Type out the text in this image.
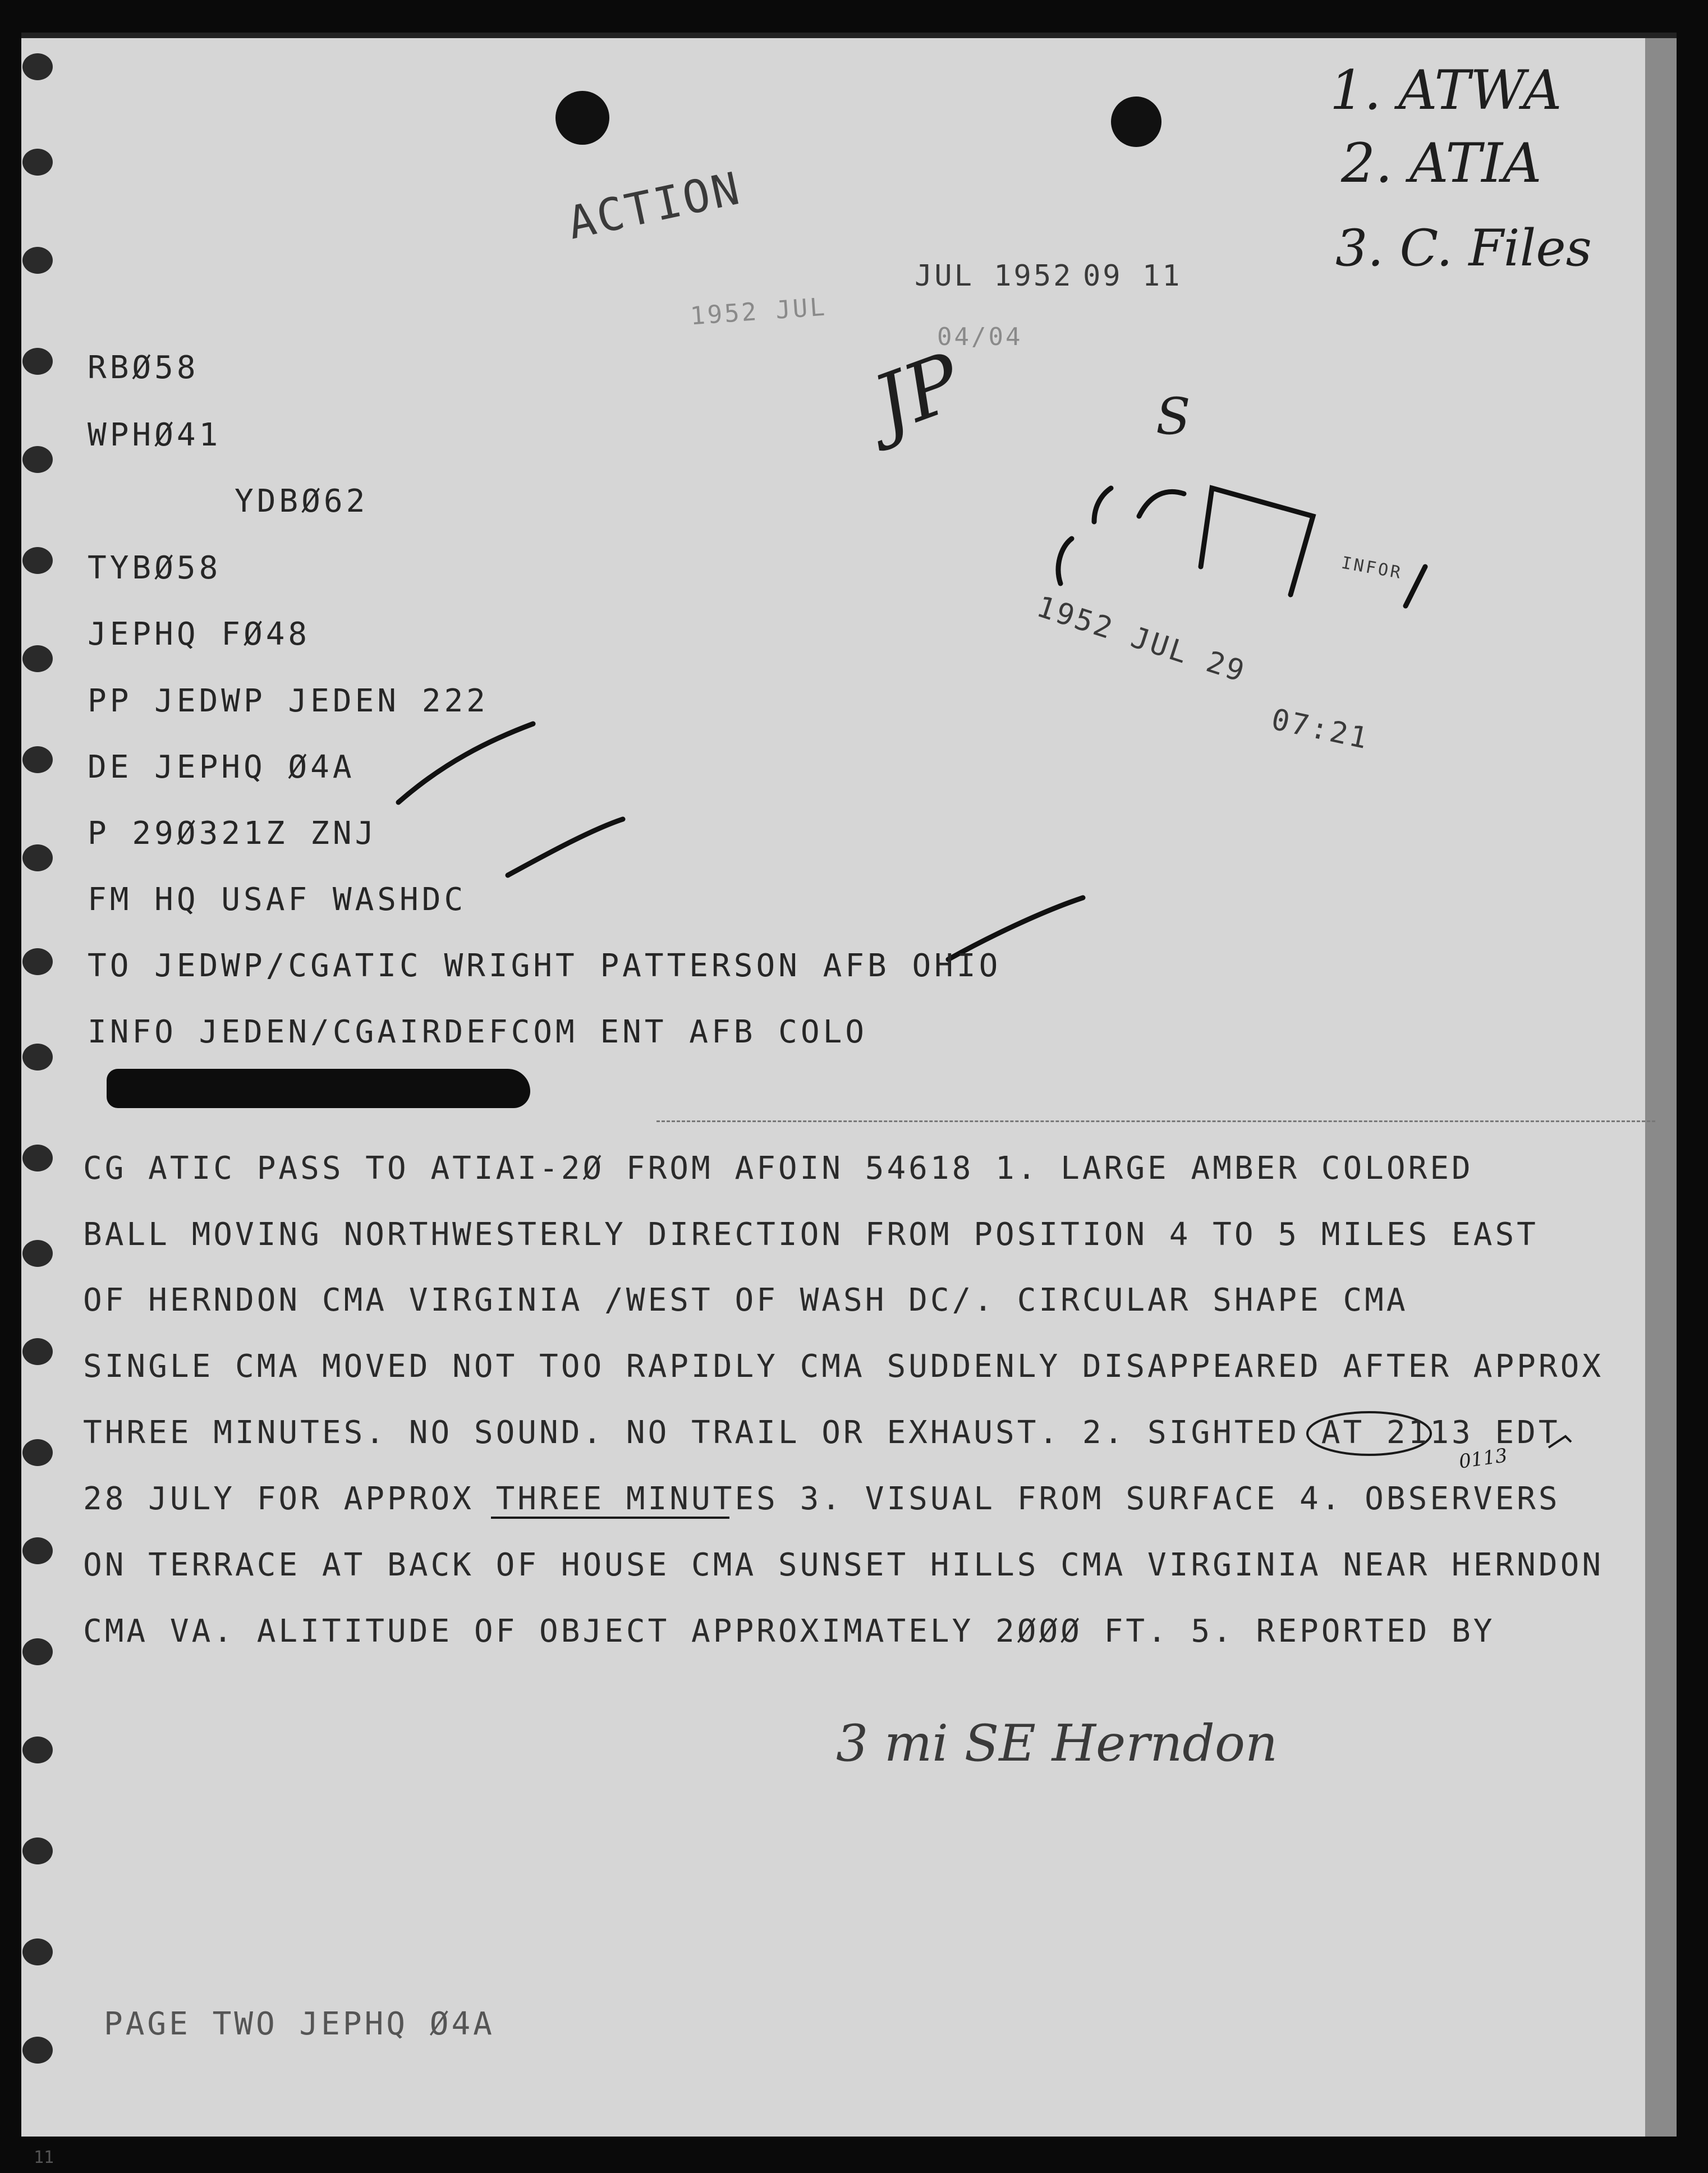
ACTION
JUL 1952 09 11
1952 JUL
04/04
1952 JUL 29
07:21
INFOR
1. ATWA
2. ATIA
3. C. Files
JP	S
0113
3 mi SE Herndon
RBØ58
WPHØ41
YDBØ62
TYBØ58
JEPHQ FØ48
PP JEDWP JEDEN 222
DE JEPHQ Ø4A
P 29Ø321Z ZNJ
FM HQ USAF WASHDC
TO JEDWP/CGATIC WRIGHT PATTERSON AFB OHIO
INFO JEDEN/CGAIRDEFCOM ENT AFB COLO
CG ATIC PASS TO ATIAI-2Ø FROM AFOIN 54618 1. LARGE AMBER COLORED
BALL MOVING NORTHWESTERLY DIRECTION FROM POSITION 4 TO 5 MILES EAST
OF HERNDON CMA VIRGINIA /WEST OF WASH DC/. CIRCULAR SHAPE CMA
SINGLE CMA MOVED NOT TOO RAPIDLY CMA SUDDENLY DISAPPEARED AFTER APPROX
THREE MINUTES. NO SOUND. NO TRAIL OR EXHAUST. 2. SIGHTED AT 2113 EDT
28 JULY FOR APPROX THREE MINUTES 3. VISUAL FROM SURFACE 4. OBSERVERS
ON TERRACE AT BACK OF HOUSE CMA SUNSET HILLS CMA VIRGINIA NEAR HERNDON
CMA VA. ALITITUDE OF OBJECT APPROXIMATELY 2ØØØ FT. 5. REPORTED BY
PAGE TWO JEPHQ Ø4A
11
